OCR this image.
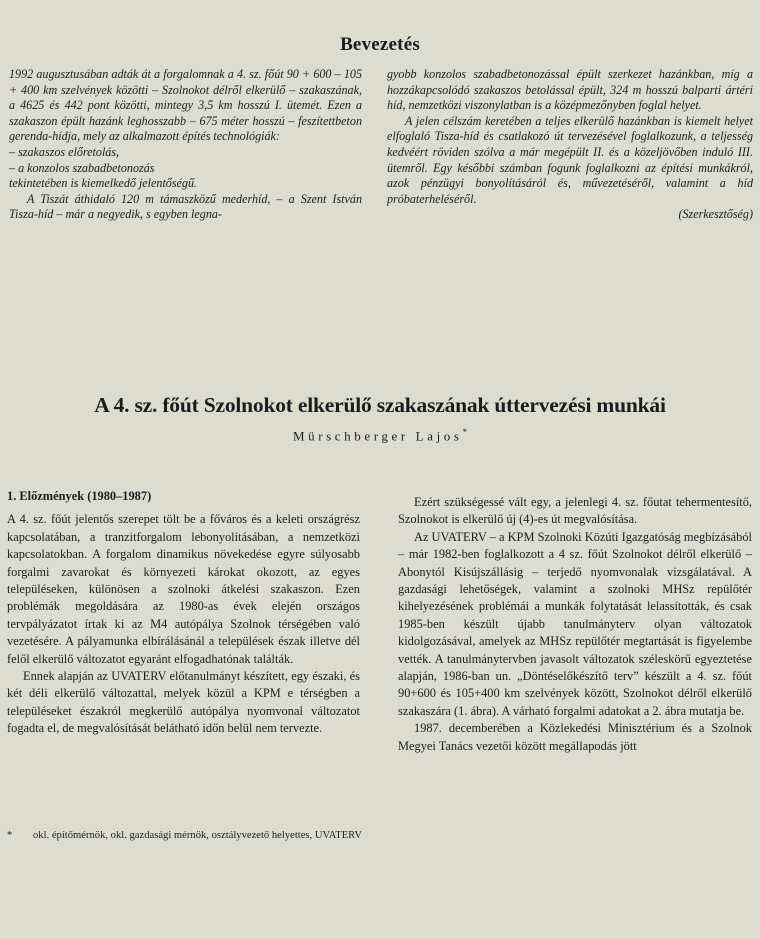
Bevezetés

1992 augusztusában adták át a forgalomnak a 4. sz. főút 90 + 600 – 105 + 400 km szelvények közötti – Szolnokot délről elkerülő – szakaszának, a 4625 és 442 pont közötti, mintegy 3,5 km hosszú I. ütemét. Ezen a szakaszon épült hazánk leghosszabb – 675 méter hosszú – feszítettbeton gerenda-hídja, mely az alkalmazott építés technológiák:

– szakaszos előretolás,

– a konzolos szabadbetonozás

tekintetében is kiemelkedő jelentőségű.

A Tiszát áthidaló 120 m támaszközű mederhíd, – a Szent István Tisza-híd – már a negyedik, s egyben legna-

gyobb konzolos szabadbetonozással épült szerkezet hazánkban, míg a hozzákapcsolódó szakaszos betolással épült, 324 m hosszú balparti ártéri híd, nemzetközi viszonylatban is a középmezőnyben foglal helyet.

A jelen célszám keretében a teljes elkerülő hazánkban is kiemelt helyet elfoglaló Tisza-híd és csatlakozó út tervezésével foglalkozunk, a teljesség kedvéért röviden szólva a már megépült II. és a közeljövőben induló III. ütemről. Egy későbbi számban fogunk foglalkozni az építési munkákról, azok pénzügyi bonyolításáról és, művezetéséről, valamint a híd próbaterheléséről.

(Szerkesztőség)

A 4. sz. főút Szolnokot elkerülő szakaszának úttervezési munkái
Mürschberger Lajos*

1. Előzmények (1980–1987)

A 4. sz. főút jelentős szerepet tölt be a főváros és a keleti országrész kapcsolatában, a tranzitforgalom lebonyolításában, a nemzetközi kapcsolatokban. A forgalom dinamikus növekedése egyre súlyosabb forgalmi zavarokat és környezeti károkat okozott, az egyes településeken, különösen a szolnoki átkelési szakaszon. Ezen problémák megoldására az 1980-as évek elején országos tervpályázatot írtak ki az M4 autópálya Szolnok térségében való vezetésére. A pályamunka elbírálásánál a települések észak illetve dél felől elkerülő változatot egyaránt elfogadhatónak találták.

Ennek alapján az UVATERV előtanulmányt készített, egy északi, és két déli elkerülő változattal, melyek közül a KPM e térségben a településeket északról megkerülő autópálya nyomvonal változatot fogadta el, de megvalósítását belátható időn belül nem tervezte.

Ezért szükségessé vált egy, a jelenlegi 4. sz. főutat tehermentesítő, Szolnokot is elkerülő új (4)-es út megvalósítása.

Az UVATERV – a KPM Szolnoki Közúti Igazgatóság megbízásából – már 1982-ben foglalkozott a 4 sz. főút Szolnokot délről elkerülő – Abonytól Kisújszállásig – terjedő nyomvonalak vizsgálatával. A gazdasági lehetőségek, valamint a szolnoki MHSz repülőtér kihelyezésének problémái a munkák folytatását lelassították, és csak 1985-ben készült újabb tanulmányterv olyan változatok kidolgozásával, amelyek az MHSz repülőtér megtartását is figyelembe vették. A tanulmánytervben javasolt változatok széleskörű egyeztetése alapján, 1986-ban un. „Döntéselőkészítő terv” készült a 4. sz. főút 90+600 és 105+400 km szelvények között, Szolnokot délről elkerülő szakaszára (1. ábra). A várható forgalmi adatokat a 2. ábra mutatja be.

1987. decemberében a Közlekedési Minisztérium és a Szolnok Megyei Tanács vezetői között megállapodás jött

* okl. építőmérnök, okl. gazdasági mérnök, osztályvezető helyettes, UVATERV
